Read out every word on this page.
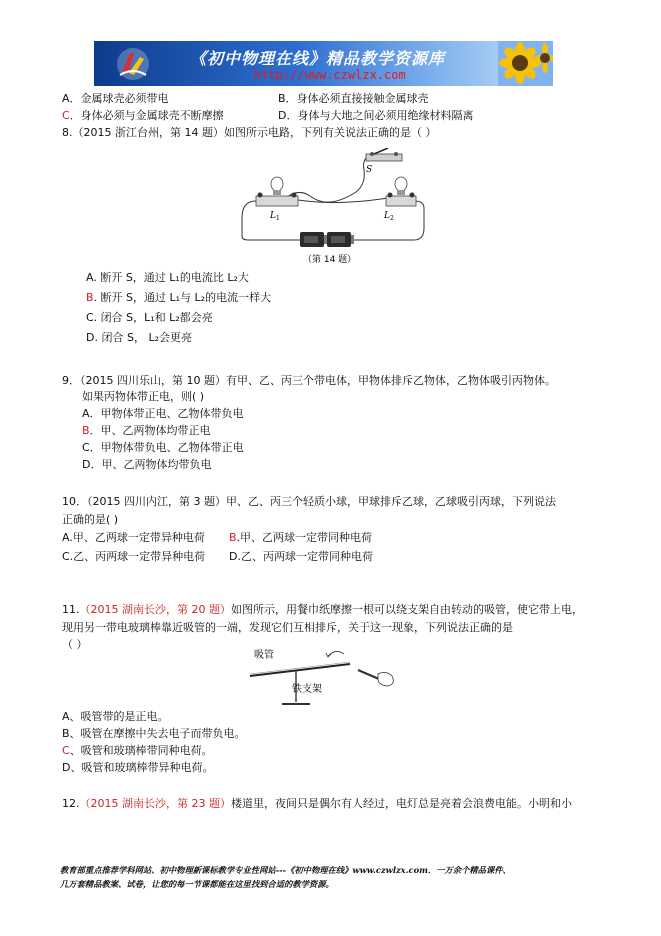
《初中物理在线》精品教学资源库
http://www.czwlzx.com
A．金属球壳必须带电	B．身体必须直接接触金属球壳
C．身体必须与金属球壳不断摩擦	D．身体与大地之间必须用绝缘材料隔离
8.（2015 浙江台州，第 14 题）如图所示电路，下列有关说法正确的是（ ）
S
L 1	L 2
（第 14 题）
A. 断开 S，通过 L₁的电流比 L₂大
B. 断开 S，通过 L₁与 L₂的电流一样大
C. 闭合 S，L₁和 L₂都会亮
D. 闭合 S， L₂会更亮
9．（2015 四川乐山，第 10 题）有甲、乙、丙三个带电体，甲物体排斥乙物体，乙物体吸引丙物体。
如果丙物体带正电，则( )
A．甲物体带正电、乙物体带负电
B．甲、乙两物体均带正电
C．甲物体带负电、乙物体带正电
D．甲、乙两物体均带负电
10．（2015 四川内江，第 3 题）甲、乙、丙三个轻质小球，甲球排斥乙球，乙球吸引丙球，下列说法
正确的是( )
A.甲、乙两球一定带异种电荷 B.甲、乙两球一定带同种电荷
C.乙、丙两球一定带异种电荷 D.乙、丙两球一定带同种电荷
11.（2015 湖南长沙，第 20 题）如图所示，用餐巾纸摩擦一根可以绕支架自由转动的吸管，使它带上电，
现用另一带电玻璃棒靠近吸管的一端，发现它们互相排斥，关于这一现象，下列说法正确的是
（ ）
吸管
铁支架
A、吸管带的是正电。
B、吸管在摩擦中失去电子而带负电。
C、吸管和玻璃棒带同种电荷。
D、吸管和玻璃棒带异种电荷。
12.（2015 湖南长沙，第 23 题）楼道里，夜间只是偶尔有人经过，电灯总是亮着会浪费电能。小明和小
教育部重点推荐学科网站、初中物理新课标教学专业性网站---《初中物理在线》www.czwlzx.com．一万余个精品课件、
几万套精品教案、试卷，让您的每一节课都能在这里找到合适的教学资源。
